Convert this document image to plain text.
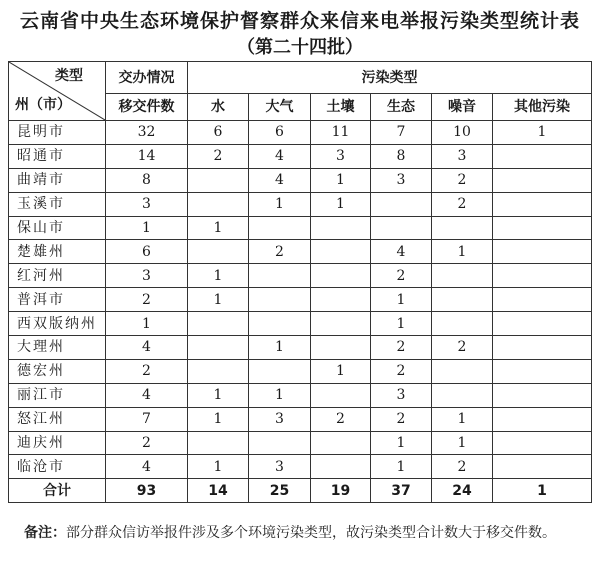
云南省中央生态环境保护督察群众来信来电举报污染类型统计表
（第二十四批）
类型
州（市）	交办情况	污染类型					
	移交件数	水	大气	土壤	生态	噪音	其他污染
昆明市	32	6	6	11	7	10	1
昭通市	14	2	4	3	8	3	
曲靖市	8		4	1	3	2	
玉溪市	3		1	1		2	
保山市	1	1					
楚雄州	6		2		4	1	
红河州	3	1			2		
普洱市	2	1			1		
西双版纳州	1				1		
大理州	4		1		2	2	
德宏州	2			1	2		
丽江市	4	1	1		3		
怒江州	7	1	3	2	2	1	
迪庆州	2				1	1	
临沧市	4	1	3		1	2	
合计	93	14	25	19	37	24	1
备注：部分群众信访举报件涉及多个环境污染类型，故污染类型合计数大于移交件数。
